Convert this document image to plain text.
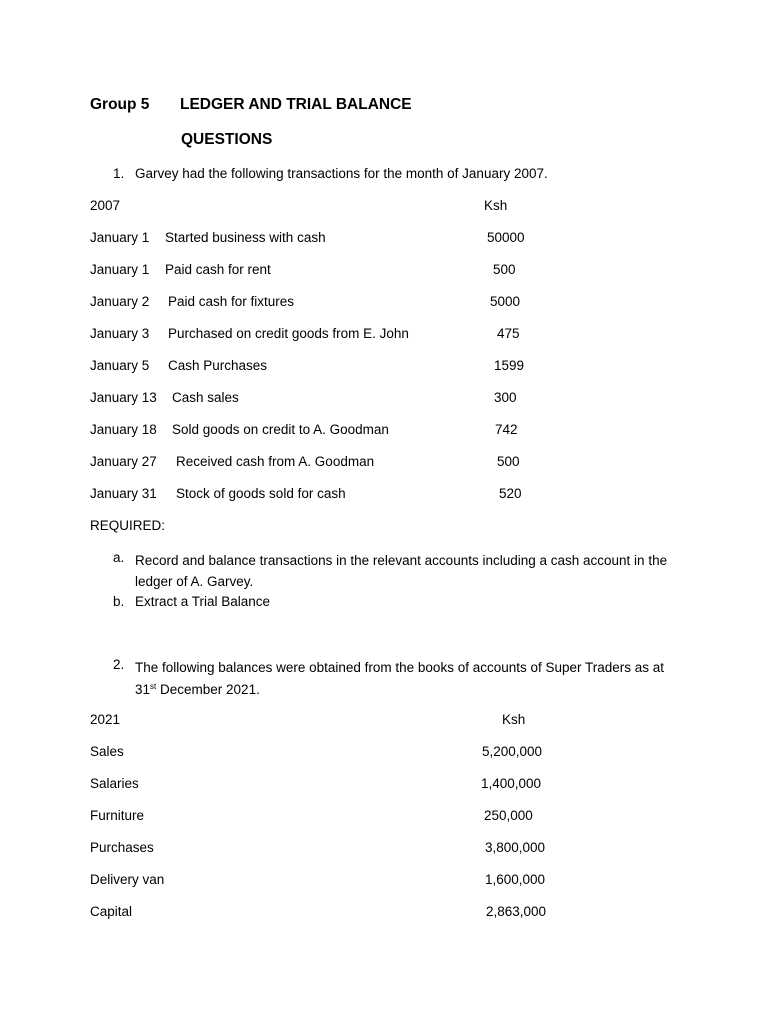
Group 5 LEDGER AND TRIAL BALANCE
QUESTIONS
1. Garvey had the following transactions for the month of January 2007.
2007	Ksh
January 1 Started business with cash	50000
January 1 Paid cash for rent	500
January 2 Paid cash for fixtures	5000
January 3 Purchased on credit goods from E. John	475
January 5 Cash Purchases	1599
January 13 Cash sales	300
January 18 Sold goods on credit to A. Goodman	742
January 27 Received cash from A. Goodman	500
January 31 Stock of goods sold for cash	520
REQUIRED:
a. Record and balance transactions in the relevant accounts including a cash account in the ledger of A. Garvey.
b. Extract a Trial Balance
2. The following balances were obtained from the books of accounts of Super Traders as at 31st December 2021.
2021	Ksh
Sales	5,200,000
Salaries	1,400,000
Furniture	250,000
Purchases	3,800,000
Delivery van	1,600,000
Capital	2,863,000
